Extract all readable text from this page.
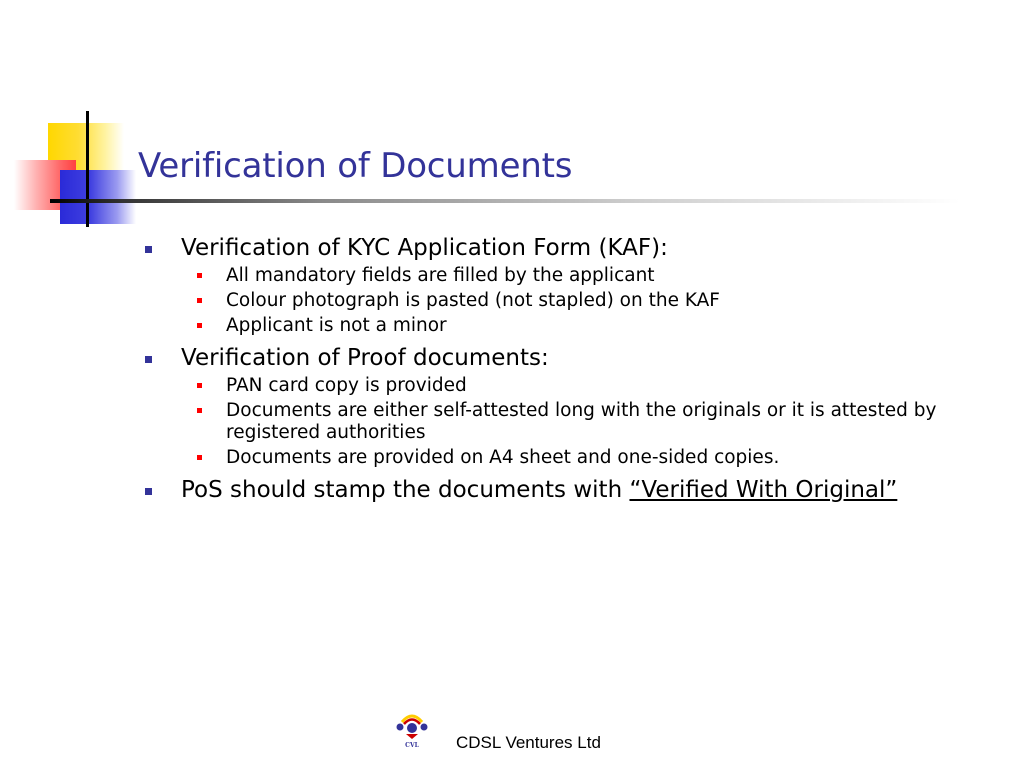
Verification of Documents
Verification of KYC Application Form (KAF):
All mandatory fields are filled by the applicant
Colour photograph is pasted (not stapled) on the KAF
Applicant is not a minor
Verification of Proof documents:
PAN card copy is provided
Documents are either self-attested long with the originals or it is attested by registered authorities
Documents are provided on A4 sheet and one-sided copies.
PoS should stamp the documents with “Verified With Original”
CVL CDSL Ventures Ltd
